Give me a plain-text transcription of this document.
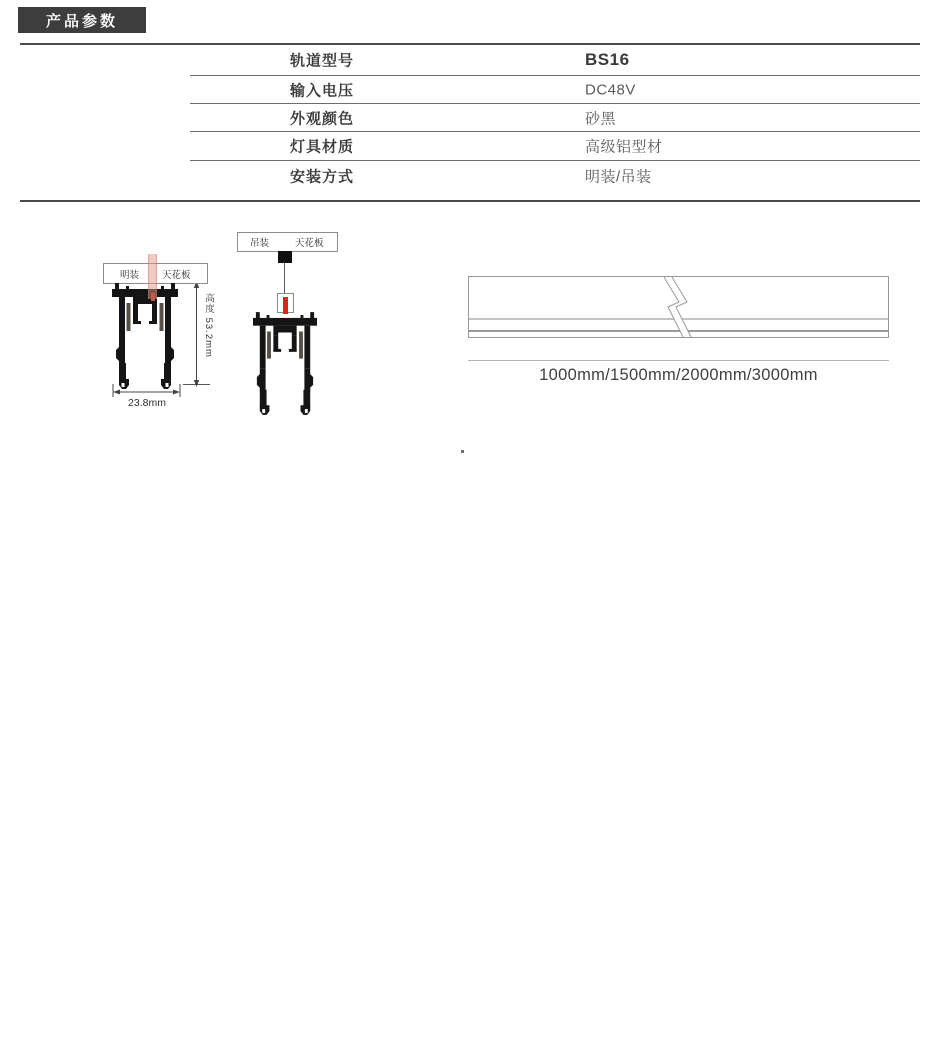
产品参数
轨道型号	BS16
输入电压	DC48V
外观颜色	砂黑
灯具材质	高级铝型材
安装方式	明装/吊装
明装 天花板
高度 53.2mm
23.8mm
吊装	天花板
1000mm/1500mm/2000mm/3000mm
